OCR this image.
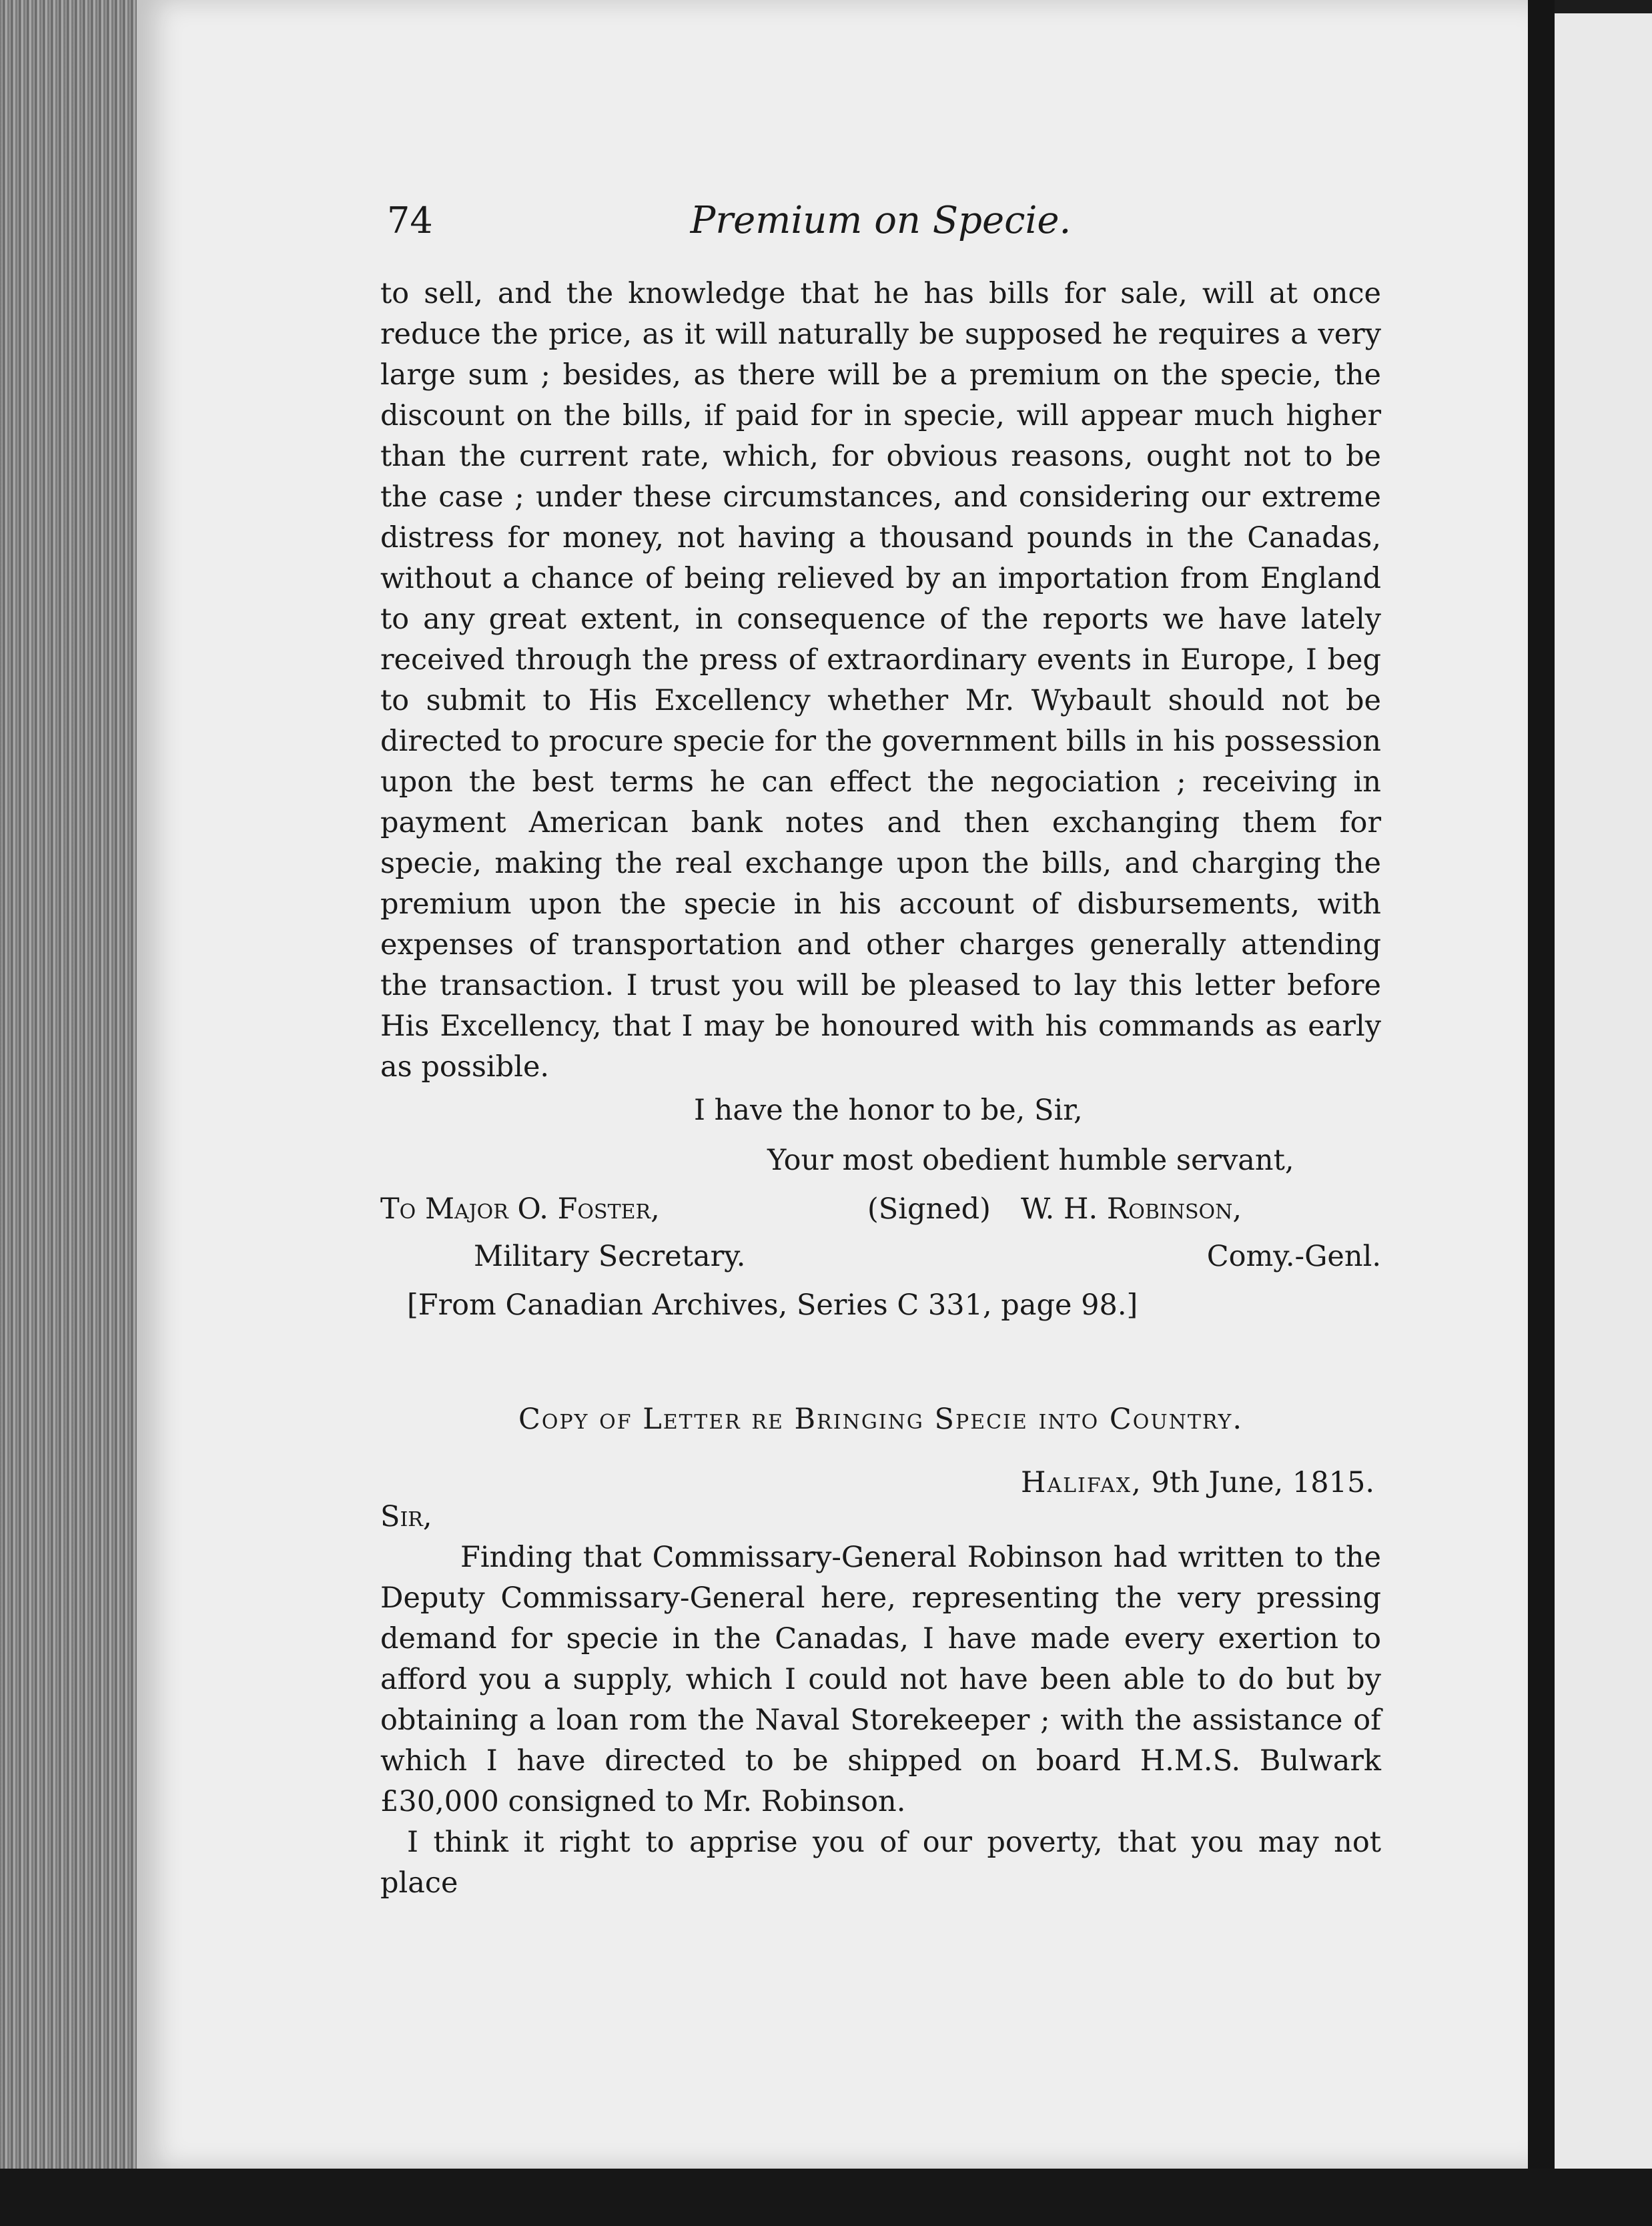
74	Premium on Specie.

to sell, and the knowledge that he has bills for sale, will at once reduce the price, as it will naturally be supposed he requires a very large sum ; besides, as there will be a premium on the specie, the discount on the bills, if paid for in specie, will appear much higher than the current rate, which, for obvious reasons, ought not to be the case ; under these circumstances, and considering our extreme distress for money, not having a thousand pounds in the Canadas, without a chance of being relieved by an importation from England to any great extent, in consequence of the reports we have lately received through the press of extraordinary events in Europe, I beg to submit to His Excellency whether Mr. Wybault should not be directed to procure specie for the government bills in his possession upon the best terms he can effect the negociation ; receiving in payment American bank notes and then exchanging them for specie, making the real exchange upon the bills, and charging the premium upon the specie in his account of disbursements, with expenses of transportation and other charges generally attending the transaction. I trust you will be pleased to lay this letter before His Excellency, that I may be honoured with his commands as early as possible.

I have the honor to be, Sir,

Your most obedient humble servant,

To Major O. Foster,	(Signed) W. H. Robinson,
Military Secretary.	Comy.-Genl.

[From Canadian Archives, Series C 331, page 98.]

Copy of Letter re Bringing Specie into Country.

Halifax, 9th June, 1815.

Sir,

Finding that Commissary-General Robinson had written to the Deputy Commissary-General here, representing the very pressing demand for specie in the Canadas, I have made every exertion to afford you a supply, which I could not have been able to do but by obtaining a loan rom the Naval Storekeeper ; with the assistance of which I have directed to be shipped on board H.M.S. Bulwark £30,000 consigned to Mr. Robinson.

I think it right to apprise you of our poverty, that you may not place
